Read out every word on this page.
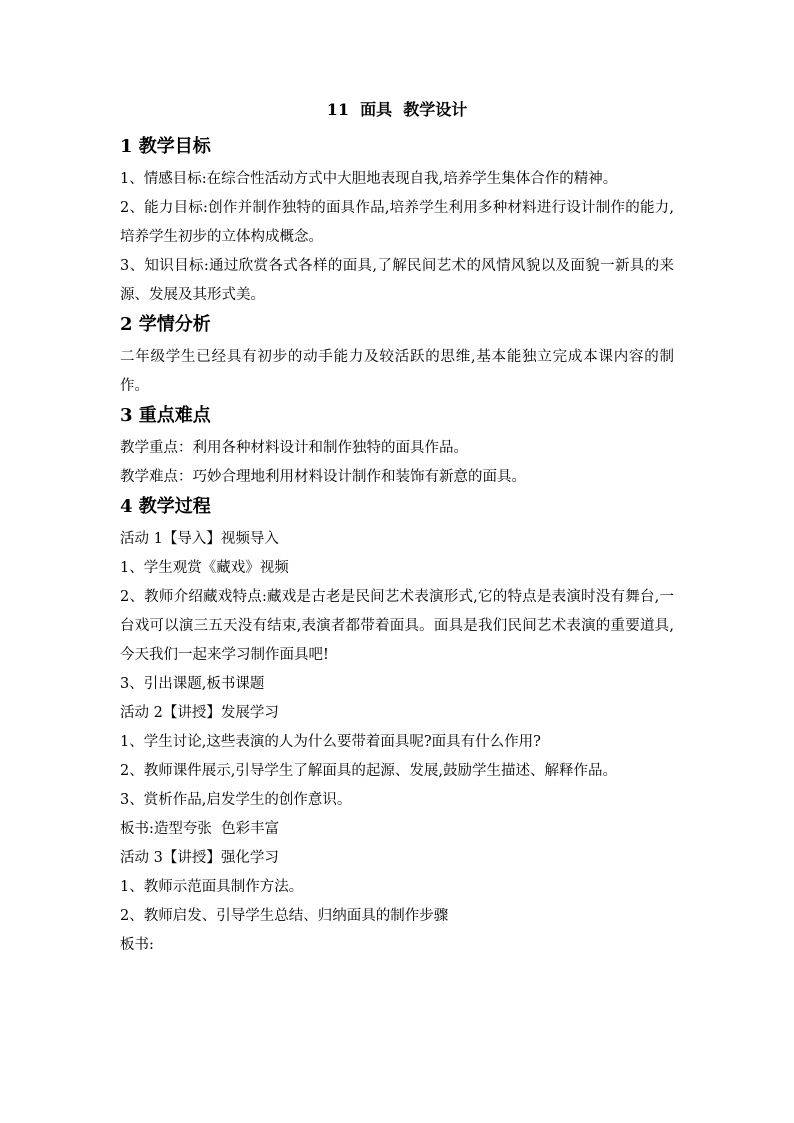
11  面具  教学设计
1 教学目标

1、情感目标:在综合性活动方式中大胆地表现自我,培养学生集体合作的精神。

2、能力目标:创作并制作独特的面具作品,培养学生利用多种材料进行设计制作的能力,培养学生初步的立体构成概念。

3、知识目标:通过欣赏各式各样的面具,了解民间艺术的风情风貌以及面貌一新具的来源、发展及其形式美。

2 学情分析

二年级学生已经具有初步的动手能力及较活跃的思维,基本能独立完成本课内容的制作。

3 重点难点

教学重点：利用各种材料设计和制作独特的面具作品。

教学难点：巧妙合理地利用材料设计制作和装饰有新意的面具。

4 教学过程

活动 1【导入】视频导入

1、学生观赏《藏戏》视频

2、教师介绍藏戏特点:藏戏是古老是民间艺术表演形式,它的特点是表演时没有舞台,一台戏可以演三五天没有结束,表演者都带着面具。面具是我们民间艺术表演的重要道具,今天我们一起来学习制作面具吧!

3、引出课题,板书课题

活动 2【讲授】发展学习

1、学生讨论,这些表演的人为什么要带着面具呢?面具有什么作用?

2、教师课件展示,引导学生了解面具的起源、发展,鼓励学生描述、解释作品。

3、赏析作品,启发学生的创作意识。

板书:造型夸张  色彩丰富

活动 3【讲授】强化学习

1、教师示范面具制作方法。

2、教师启发、引导学生总结、归纳面具的制作步骤

板书:
